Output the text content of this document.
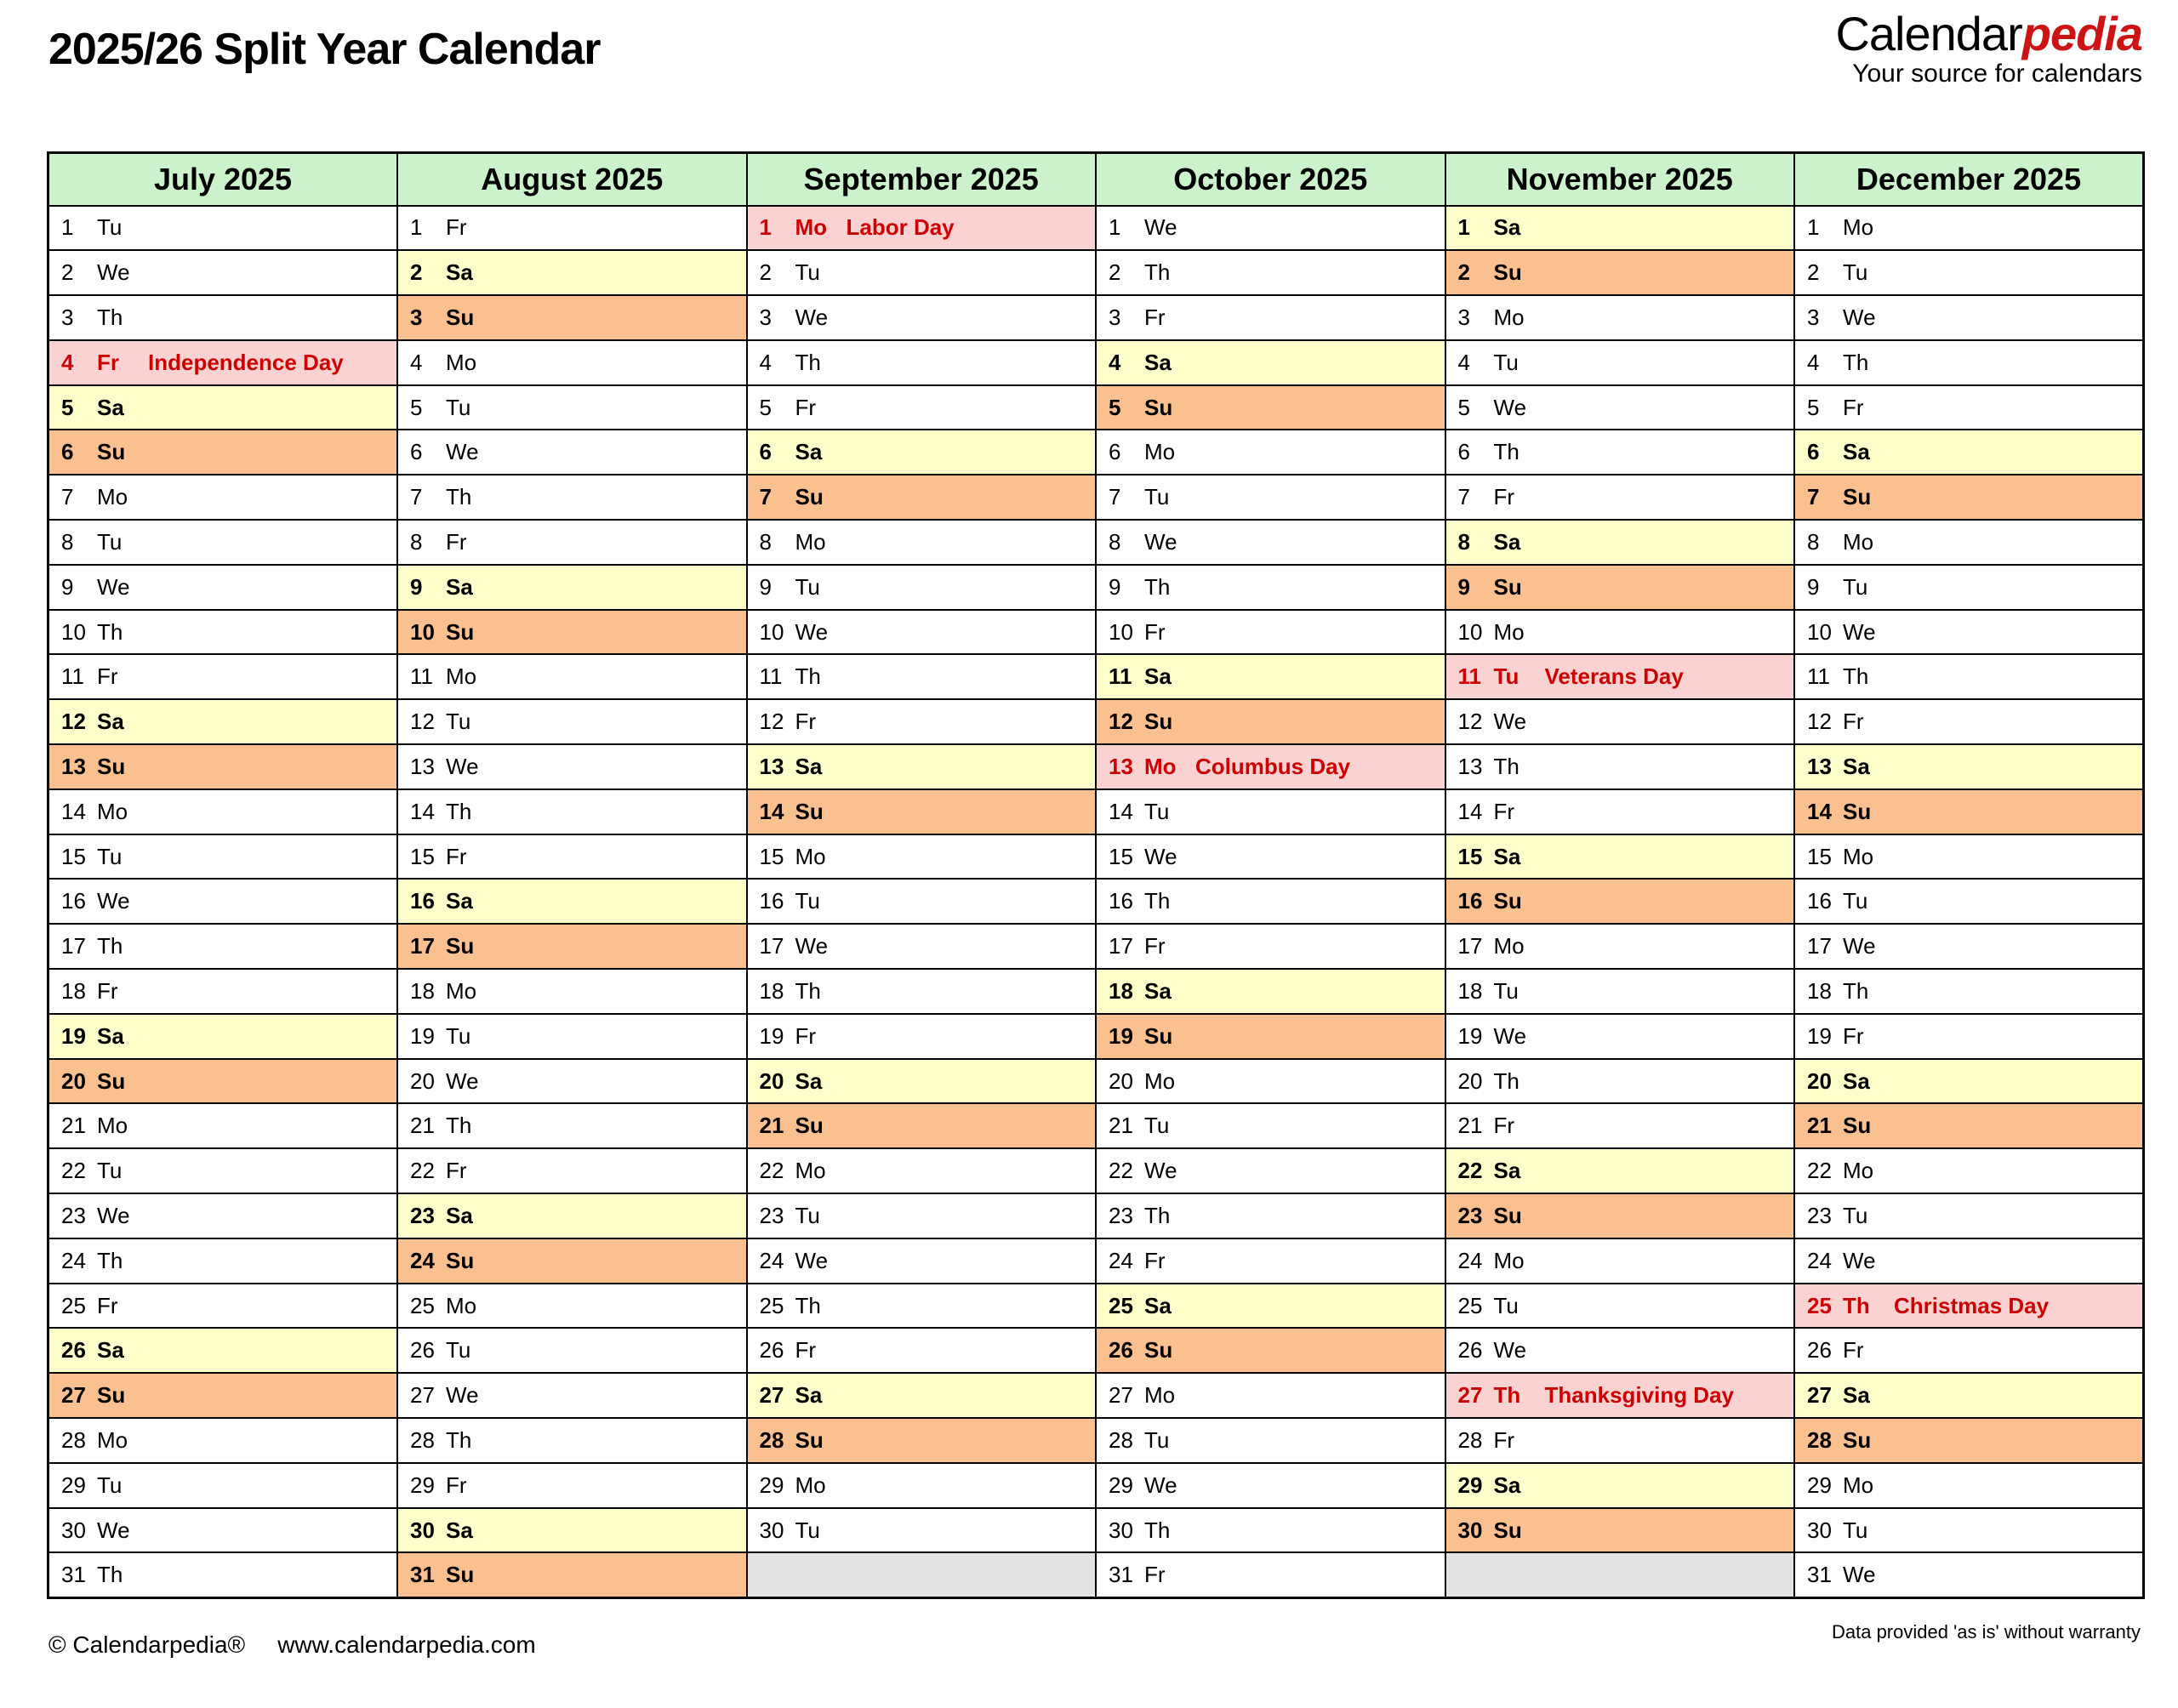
2025/26 Split Year Calendar	Calendarpedia
Your source for calendars
July 2025	August 2025	September 2025	October 2025	November 2025	December 2025
1 Tu	1 Fr	1 Mo Labor Day	1 We	1 Sa	1 Mo
2 We	2 Sa	2 Tu	2 Th	2 Su	2 Tu
3 Th	3 Su	3 We	3 Fr	3 Mo	3 We
4 Fr Independence Day	4 Mo	4 Th	4 Sa	4 Tu	4 Th
5 Sa	5 Tu	5 Fr	5 Su	5 We	5 Fr
6 Su	6 We	6 Sa	6 Mo	6 Th	6 Sa
7 Mo	7 Th	7 Su	7 Tu	7 Fr	7 Su
8 Tu	8 Fr	8 Mo	8 We	8 Sa	8 Mo
9 We	9 Sa	9 Tu	9 Th	9 Su	9 Tu
10 Th	10 Su	10 We	10 Fr	10 Mo	10 We
11 Fr	11 Mo	11 Th	11 Sa	11 Tu Veterans Day	11 Th
12 Sa	12 Tu	12 Fr	12 Su	12 We	12 Fr
13 Su	13 We	13 Sa	13 Mo Columbus Day	13 Th	13 Sa
14 Mo	14 Th	14 Su	14 Tu	14 Fr	14 Su
15 Tu	15 Fr	15 Mo	15 We	15 Sa	15 Mo
16 We	16 Sa	16 Tu	16 Th	16 Su	16 Tu
17 Th	17 Su	17 We	17 Fr	17 Mo	17 We
18 Fr	18 Mo	18 Th	18 Sa	18 Tu	18 Th
19 Sa	19 Tu	19 Fr	19 Su	19 We	19 Fr
20 Su	20 We	20 Sa	20 Mo	20 Th	20 Sa
21 Mo	21 Th	21 Su	21 Tu	21 Fr	21 Su
22 Tu	22 Fr	22 Mo	22 We	22 Sa	22 Mo
23 We	23 Sa	23 Tu	23 Th	23 Su	23 Tu
24 Th	24 Su	24 We	24 Fr	24 Mo	24 We
25 Fr	25 Mo	25 Th	25 Sa	25 Tu	25 Th Christmas Day
26 Sa	26 Tu	26 Fr	26 Su	26 We	26 Fr
27 Su	27 We	27 Sa	27 Mo	27 Th Thanksgiving Day	27 Sa
28 Mo	28 Th	28 Su	28 Tu	28 Fr	28 Su
29 Tu	29 Fr	29 Mo	29 We	29 Sa	29 Mo
30 We	30 Sa	30 Tu	30 Th	30 Su	30 Tu
31 Th	31 Su		31 Fr		31 We
© Calendarpedia® www.calendarpedia.com	Data provided 'as is' without warranty
